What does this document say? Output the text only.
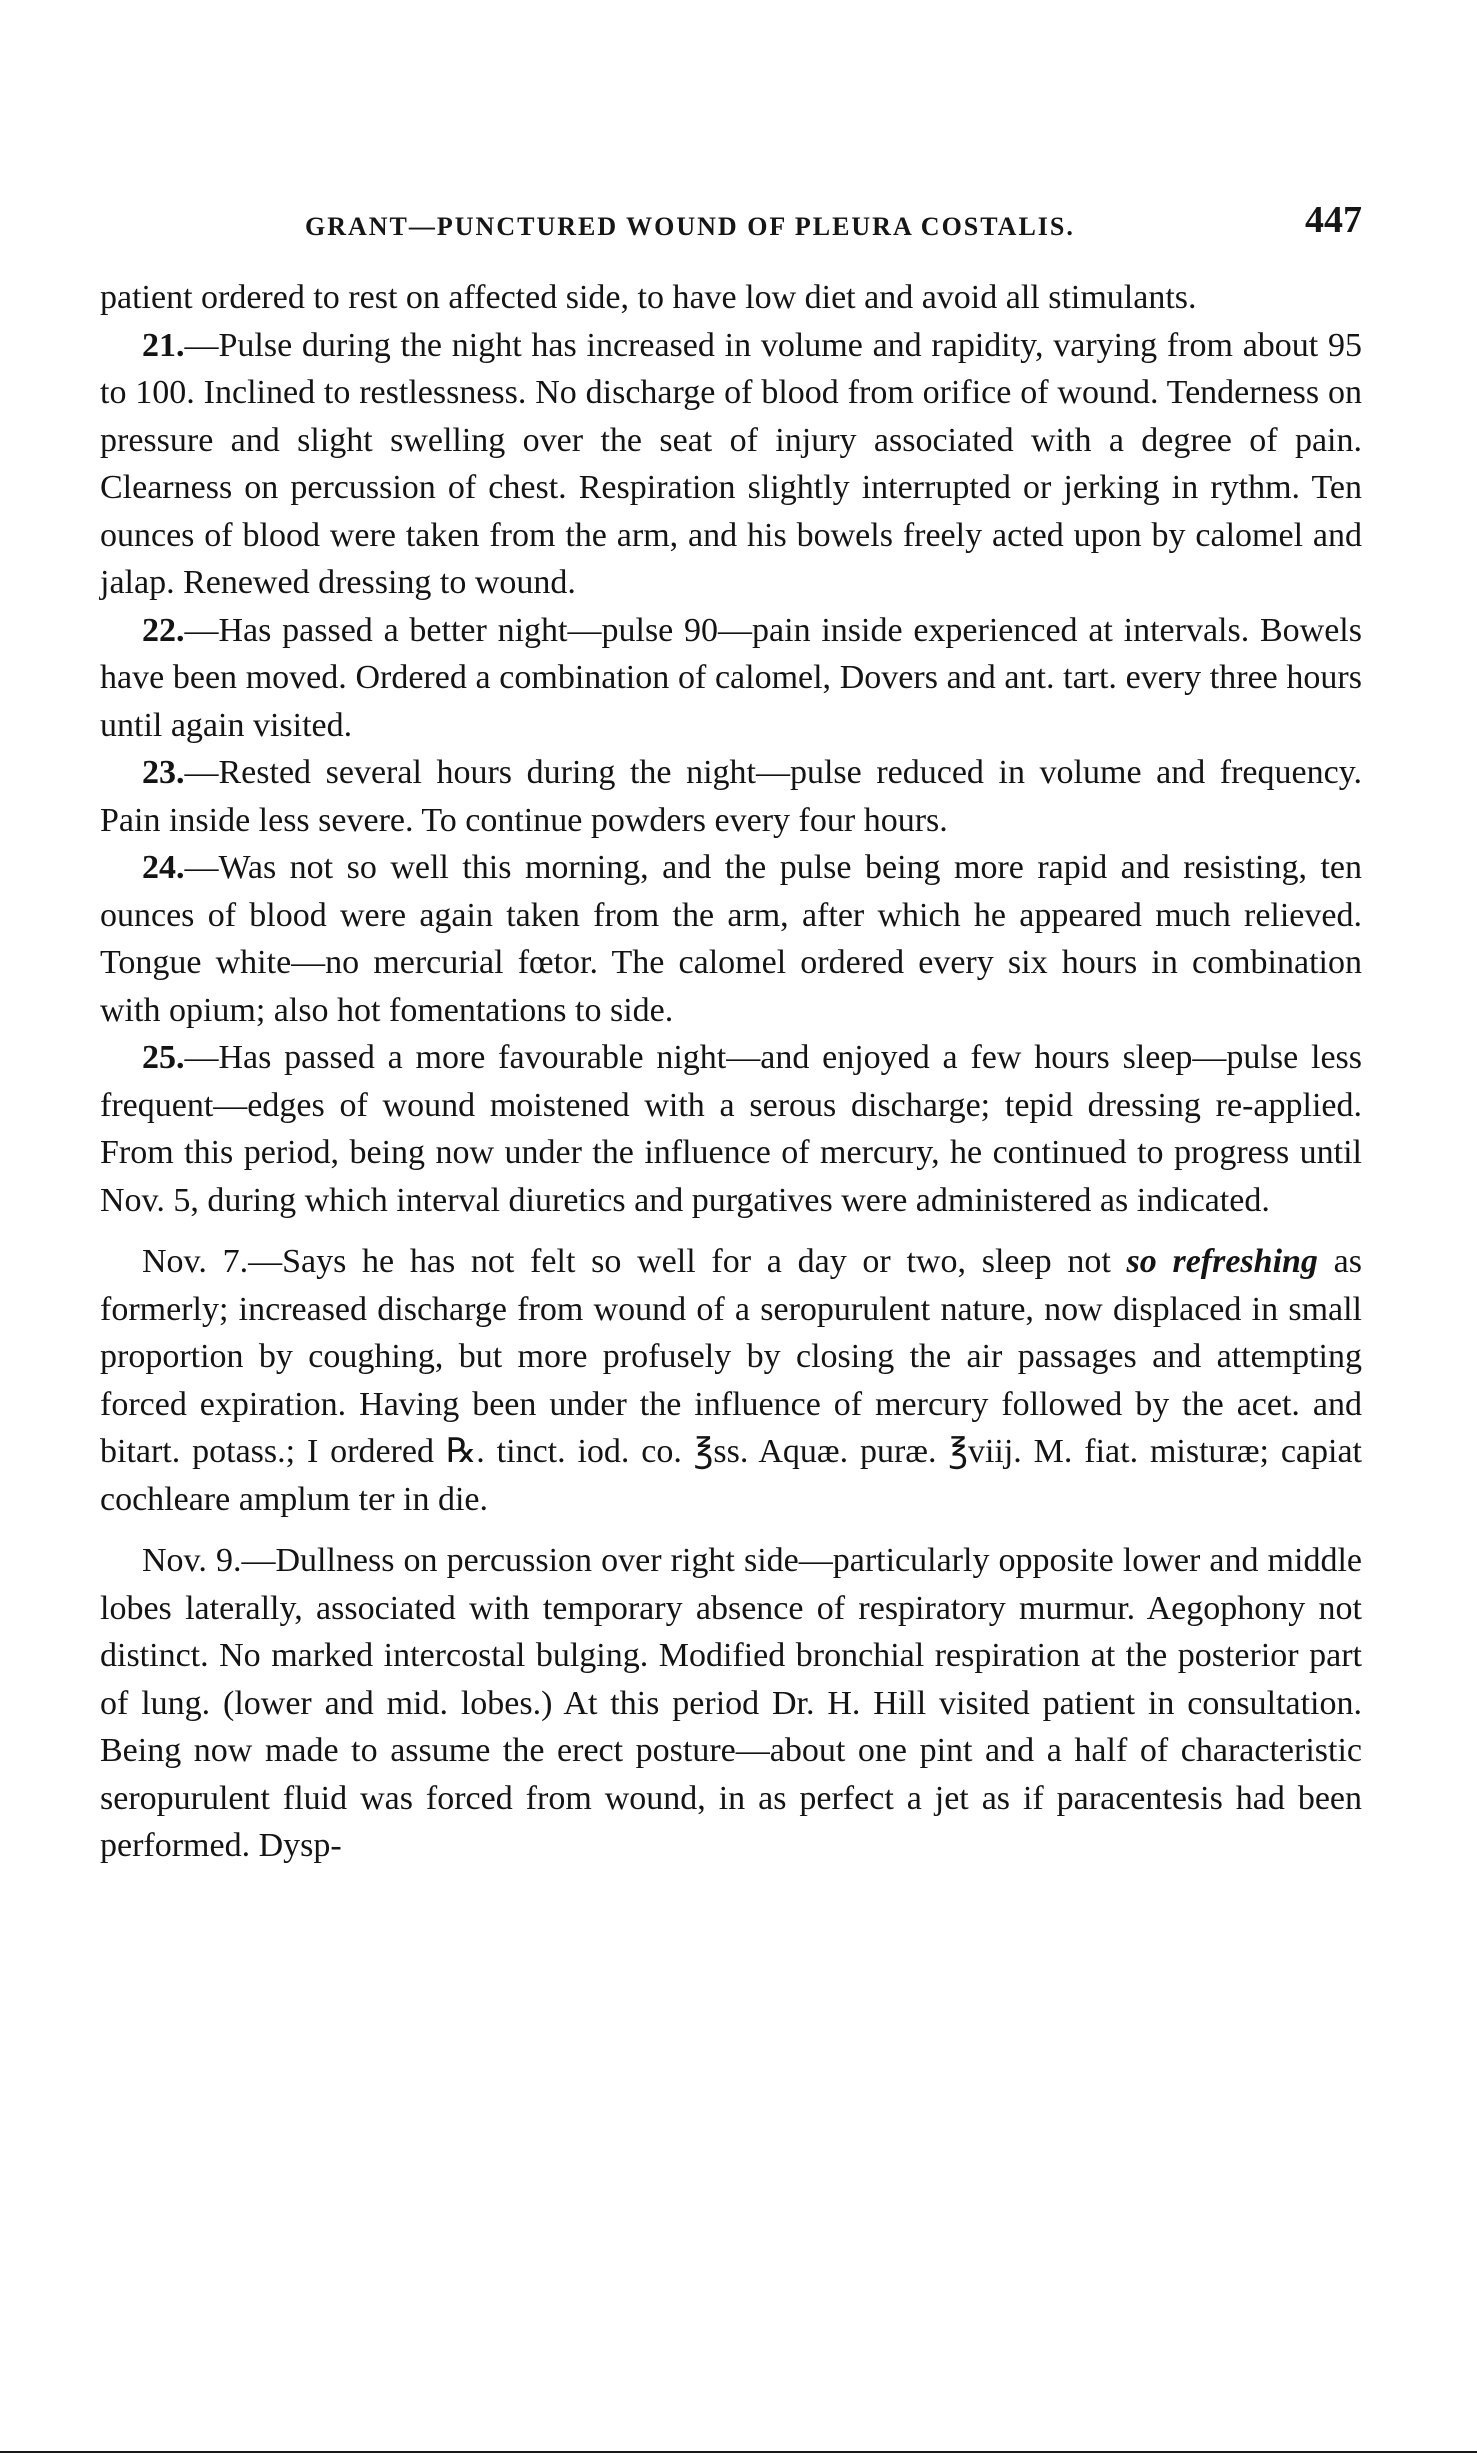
GRANT—PUNCTURED WOUND OF PLEURA COSTALIS.	447

patient ordered to rest on affected side, to have low diet and avoid all stimulants.

21.—Pulse during the night has increased in volume and rapidity, varying from about 95 to 100. Inclined to restlessness. No discharge of blood from orifice of wound. Tenderness on pressure and slight swelling over the seat of injury associated with a degree of pain. Clearness on percussion of chest. Respiration slightly interrupted or jerking in rythm. Ten ounces of blood were taken from the arm, and his bowels freely acted upon by calomel and jalap. Renewed dressing to wound.

22.—Has passed a better night—pulse 90—pain inside experienced at intervals. Bowels have been moved. Ordered a combination of calomel, Dovers and ant. tart. every three hours until again visited.

23.—Rested several hours during the night—pulse reduced in volume and frequency. Pain inside less severe. To continue powders every four hours.

24.—Was not so well this morning, and the pulse being more rapid and resisting, ten ounces of blood were again taken from the arm, after which he appeared much relieved. Tongue white—no mercurial fœtor. The calomel ordered every six hours in combination with opium; also hot fomentations to side.

25.—Has passed a more favourable night—and enjoyed a few hours sleep—pulse less frequent—edges of wound moistened with a serous discharge; tepid dressing re-applied. From this period, being now under the influence of mercury, he continued to progress until Nov. 5, during which interval diuretics and purgatives were administered as indicated.

Nov. 7.—Says he has not felt so well for a day or two, sleep not so refreshing as formerly; increased discharge from wound of a seropurulent nature, now displaced in small proportion by coughing, but more profusely by closing the air passages and attempting forced expiration. Having been under the influence of mercury followed by the acet. and bitart. potass.; I ordered ℞. tinct. iod. co. ℥ss. Aquæ. puræ. ℥viij. M. fiat. misturæ; capiat cochleare amplum ter in die.

Nov. 9.—Dullness on percussion over right side—particularly opposite lower and middle lobes laterally, associated with temporary absence of respiratory murmur. Aegophony not distinct. No marked intercostal bulging. Modified bronchial respiration at the posterior part of lung. (lower and mid. lobes.) At this period Dr. H. Hill visited patient in consultation. Being now made to assume the erect posture—about one pint and a half of characteristic seropurulent fluid was forced from wound, in as perfect a jet as if paracentesis had been performed. Dysp-
